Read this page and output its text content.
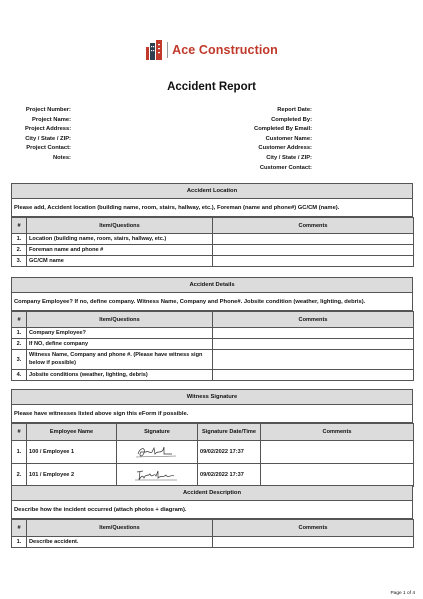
Ace Construction
Accident Report
Project Number:
Project Name:
Project Address:
City / State / ZIP:
Project Contact:
Notes:
Report Date:
Completed By:
Completed By Email:
Customer Name:
Customer Address:
City / State / ZIP:
Customer Contact:
Accident Location
Please add, Accident location (building name, room, stairs, hallway, etc.), Foreman (name and phone#) GC/CM (name).
#	Item/Questions	Comments
1.	Location (building name, room, stairs, hallway, etc.)	
2.	Foreman name and phone #	
3.	GC/CM name	
Accident Details
Company Employee? If no, define company. Witness Name, Company and Phone#. Jobsite condition (weather, lighting, debris).
#	Item/Questions	Comments
1.	Company Employee?	
2.	If NO, define company	
3.	Witness Name, Company and phone #. (Please have witness sign below if possible)	
4.	Jobsite conditions (weather, lighting, debris)	
Witness Signature
Please have witnesses listed above sign this eForm if possible.
#	Employee Name	Signature	Signature Date/Time	Comments
1.	100 / Employee 1		09/02/2022 17:37	
2.	101 / Employee 2		09/02/2022 17:37	
Accident Description
Describe how the incident occurred (attach photos + diagram).
#	Item/Questions	Comments
1.	Describe accident.	
Page 1 of 4
